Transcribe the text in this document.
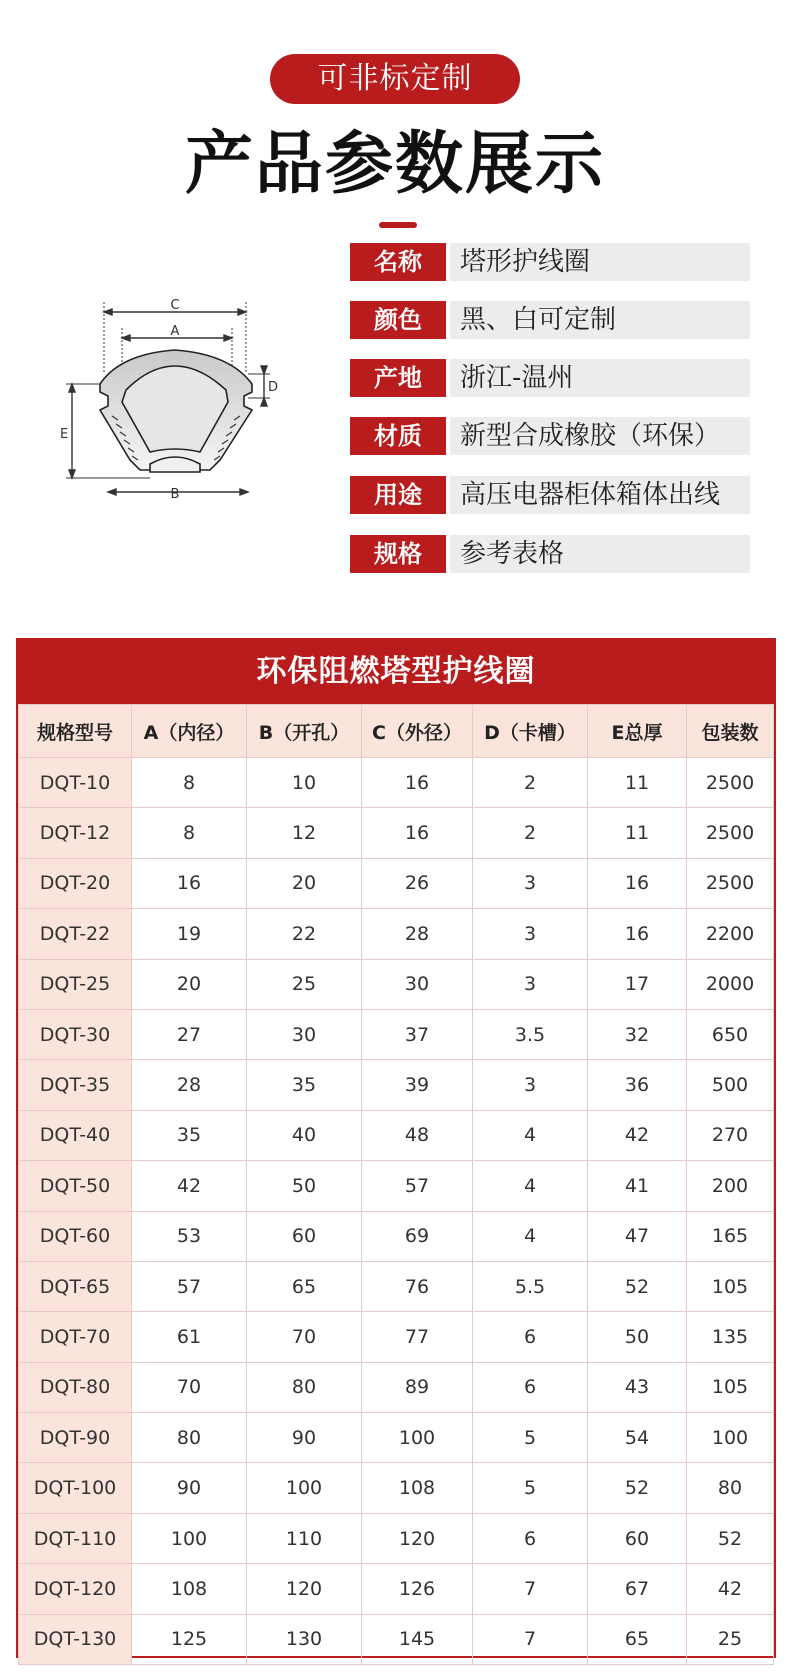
可非标定制
产品参数展示
C
A
E
D
B
名称	塔形护线圈
颜色	黑、白可定制
产地	浙江-温州
材质	新型合成橡胶（环保）
用途	高压电器柜体箱体出线
规格	参考表格
环保阻燃塔型护线圈
规格型号	A（内径）	B（开孔）	C（外径）	D（卡槽）	E总厚	包装数
DQT-10	8	10	16	2	11	2500
DQT-12	8	12	16	2	11	2500
DQT-20	16	20	26	3	16	2500
DQT-22	19	22	28	3	16	2200
DQT-25	20	25	30	3	17	2000
DQT-30	27	30	37	3.5	32	650
DQT-35	28	35	39	3	36	500
DQT-40	35	40	48	4	42	270
DQT-50	42	50	57	4	41	200
DQT-60	53	60	69	4	47	165
DQT-65	57	65	76	5.5	52	105
DQT-70	61	70	77	6	50	135
DQT-80	70	80	89	6	43	105
DQT-90	80	90	100	5	54	100
DQT-100	90	100	108	5	52	80
DQT-110	100	110	120	6	60	52
DQT-120	108	120	126	7	67	42
DQT-130	125	130	145	7	65	25
